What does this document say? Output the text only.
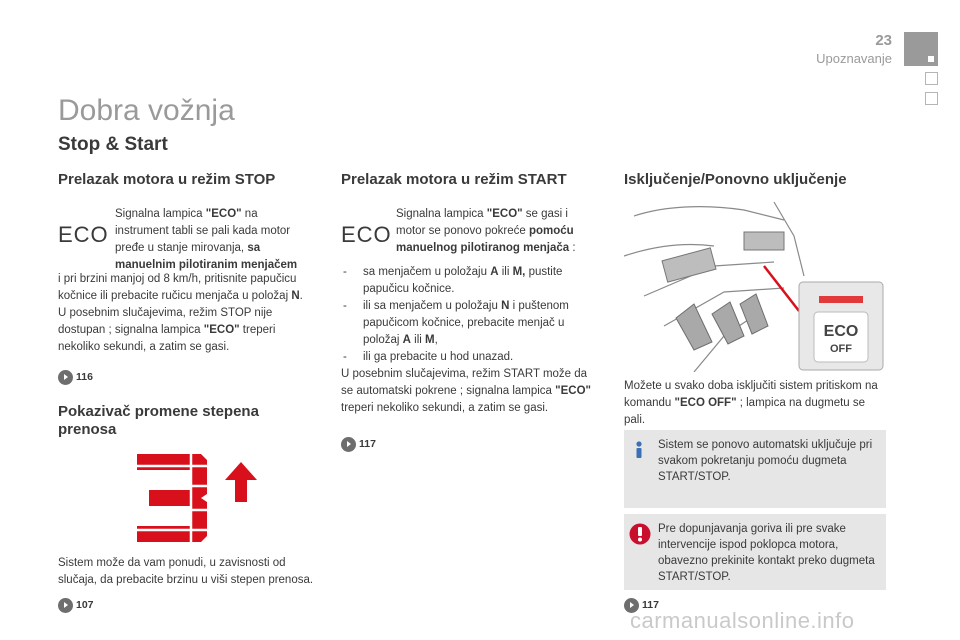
23
Upoznavanje
Dobra vožnja
Stop & Start
Prelazak motora u režim STOP
ECO
Signalna lampica "ECO" na instrument tabli se pali kada motor pređe u stanje mirovanja, sa manuelnim pilotiranim menjačem
i pri brzini manjoj od 8 km/h, pritisnite papučicu kočnice ili prebacite ručicu menjača u položaj N.
U posebnim slučajevima, režim STOP nije dostupan ; signalna lampica "ECO" treperi nekoliko sekundi, a zatim se gasi.
116
Pokazivač promene stepena prenosa
Sistem može da vam ponudi, u zavisnosti od slučaja, da prebacite brzinu u viši stepen prenosa.
107
Prelazak motora u režim START
ECO
Signalna lampica "ECO" se gasi i motor se ponovo pokreće pomoću manuelnog pilotiranog menjača :
- sa menjačem u položaju A ili M, pustite papučicu kočnice.
- ili sa menjačem u položaju N i puštenom papučicom kočnice, prebacite menjač u položaj A ili M,
- ili ga prebacite u hod unazad.
U posebnim slučajevima, režim START može da se automatski pokrene ; signalna lampica "ECO" treperi nekoliko sekundi, a zatim se gasi.
117
Isključenje/Ponovno uključenje
ECO
OFF
Možete u svako doba isključiti sistem pritiskom na komandu "ECO OFF" ; lampica na dugmetu se pali.
Sistem se ponovo automatski uključuje pri svakom pokretanju pomoću dugmeta START/STOP.
Pre dopunjavanja goriva ili pre svake intervencije ispod poklopca motora, obavezno prekinite kontakt preko dugmeta START/STOP.
117
carmanualsonline.info
